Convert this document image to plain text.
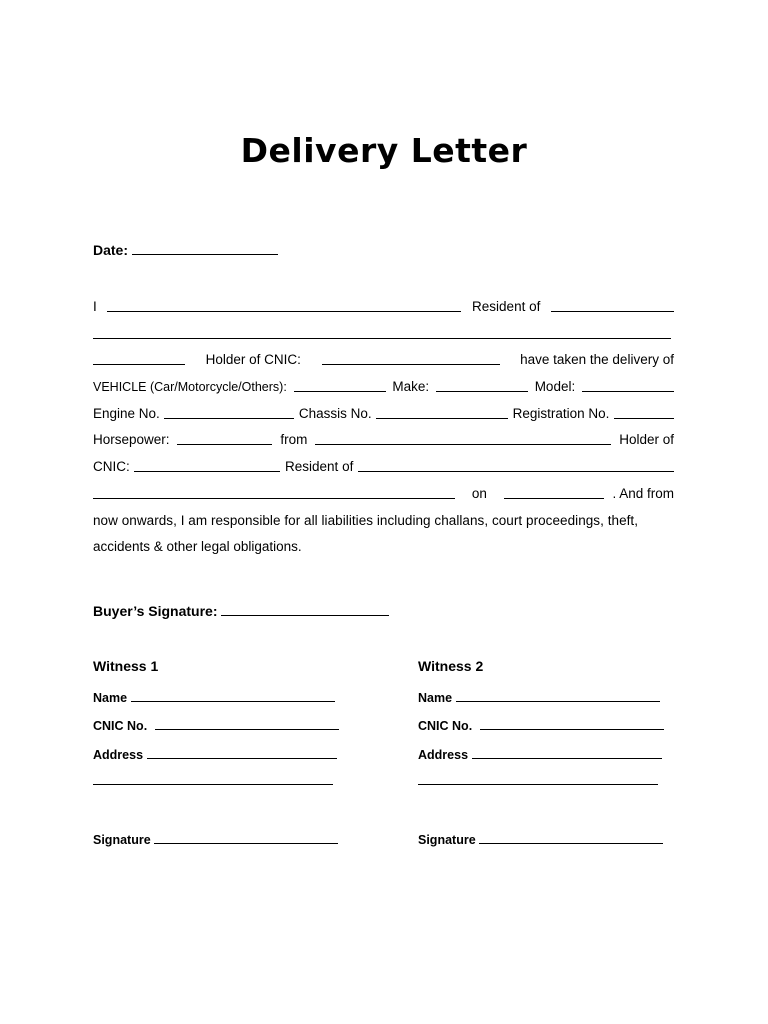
Delivery Letter
Date:
I	Resident of
Holder of CNIC:	have taken the delivery of
VEHICLE (Car/Motorcycle/Others):	Make:	Model:
Engine No.	Chassis No.	Registration No.
Horsepower:	from	Holder of
CNIC:	Resident of
on	. And from
now onwards, I am responsible for all liabilities including challans, court proceedings, theft,
accidents & other legal obligations.
Buyer’s Signature:
Witness 1
Name
CNIC No.
Address
Signature
Witness 2
Name
CNIC No.
Address
Signature
